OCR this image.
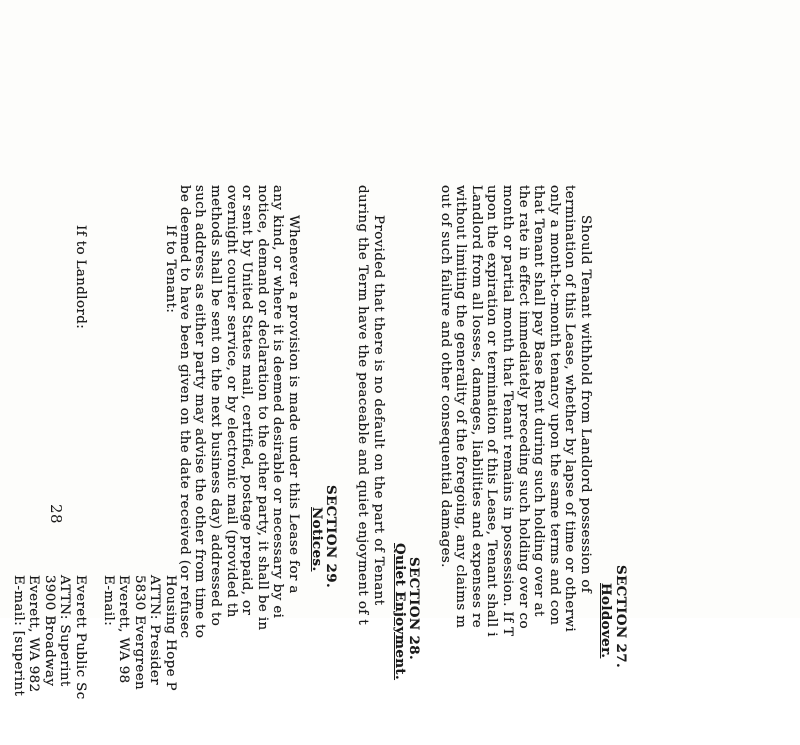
SECTION 27.
Holdover.
Should Tenant withhold from Landlord possession of
termination of this Lease, whether by lapse of time or otherwi
only a month-to-month tenancy upon the same terms and con
that Tenant shall pay Base Rent during such holding over at
the rate in effect immediately preceding such holding over co
month or partial month that Tenant remains in possession. If T
upon the expiration or termination of this Lease, Tenant shall i
Landlord from all losses, damages, liabilities and expenses re
without limiting the generality of the foregoing, any claims m
out of such failure and other consequential damages.
SECTION 28.
Quiet Enjoyment.
Provided that there is no default on the part of Tenant
during the Term have the peaceable and quiet enjoyment of t
SECTION 29.
Notices.
Whenever a provision is made under this Lease for a
any kind, or where it is deemed desirable or necessary by ei
notice, demand or declaration to the other party, it shall be in
or sent by United States mail, certified, postage prepaid, or
overnight courier service, or by electronic mail (provided th
methods shall be sent on the next business day) addressed to
such address as either party may advise the other from time to
be deemed to have been given on the date received (or refusec
If to Tenant:
Housing Hope P
ATTN: Presider
5830 Evergreen
Everett, WA 98
E-mail:
If to Landlord:
Everett Public Sc
ATTN: Superint
3900 Broadway
Everett, WA 982
E-mail: [superint
28
